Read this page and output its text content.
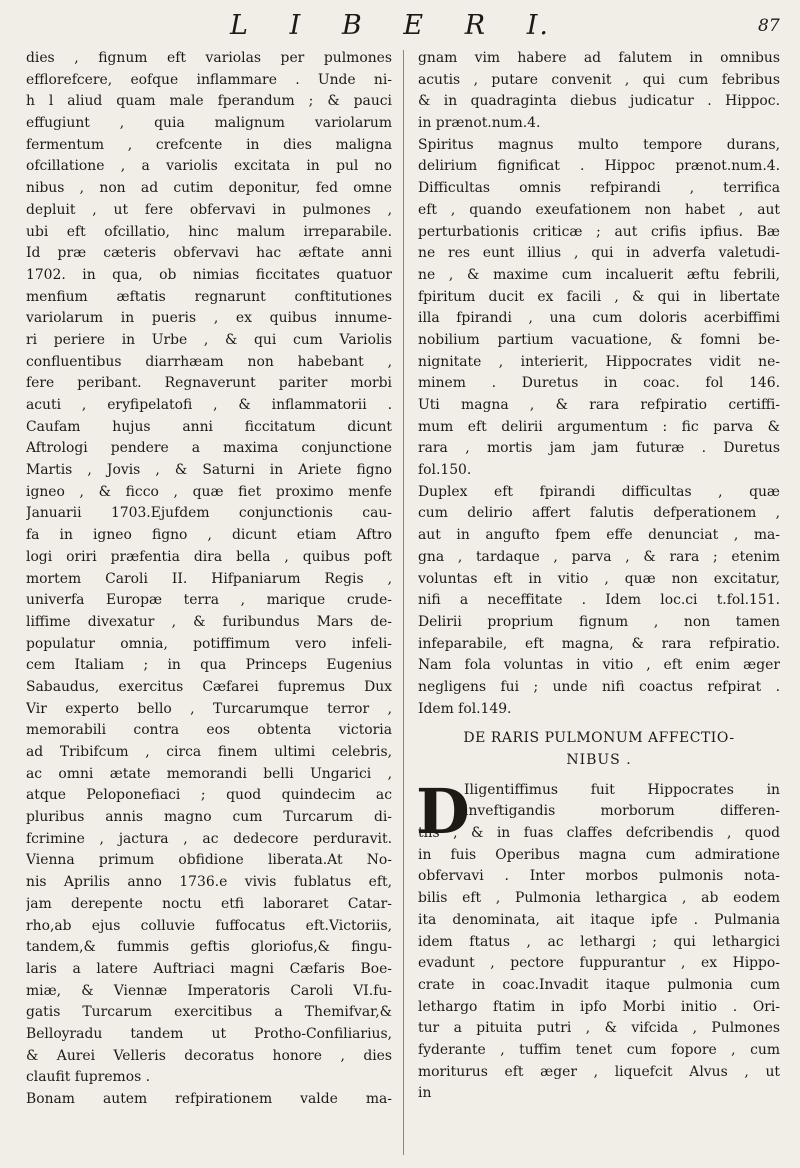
L I B E R I.	87
dies , fignum eft variolas per pulmones
efflorefcere, eofque inflammare . Unde ni-
h l aliud quam male fperandum ; & pauci
effugiunt , quia malignum variolarum
fermentum , crefcente in dies maligna
ofcillatione , a variolis excitata in pul no
nibus , non ad cutim deponitur, fed omne
depluit , ut fere obfervavi in pulmones ,
ubi eft ofcillatio, hinc malum irreparabile.
Id præ cæteris obfervavi hac æftate anni
1702. in qua, ob nimias ficcitates quatuor
menfium æftatis regnarunt conftitutiones
variolarum in pueris , ex quibus innume-
ri periere in Urbe , & qui cum Variolis
confluentibus diarrhæam non habebant ,
fere peribant. Regnaverunt pariter morbi
acuti , eryfipelatofi , & inflammatorii .
Caufam hujus anni ficcitatum dicunt
Aftrologi pendere a maxima conjunctione
Martis , Jovis , & Saturni in Ariete figno
igneo , & ficco , quæ fiet proximo menfe
Januarii 1703.Ejufdem conjunctionis cau-
fa in igneo figno , dicunt etiam Aftro
logi oriri præfentia dira bella , quibus poft
mortem Caroli II. Hifpaniarum Regis ,
univerfa Europæ terra , marique crude-
liffime divexatur , & furibundus Mars de-
populatur omnia, potiffimum vero infeli-
cem Italiam ; in qua Princeps Eugenius
Sabaudus, exercitus Cæfarei fupremus Dux
Vir experto bello , Turcarumque terror ,
memorabili contra eos obtenta victoria
ad Tribifcum , circa finem ultimi celebris,
ac omni ætate memorandi belli Ungarici ,
atque Peloponefiaci ; quod quindecim ac
pluribus annis magno cum Turcarum di-
fcrimine , jactura , ac dedecore perduravit.
Vienna primum obfidione liberata.At No-
nis Aprilis anno 1736.e vivis fublatus eft,
jam derepente noctu etfi laboraret Catar-
rho,ab ejus colluvie fuffocatus eft.Victoriis,
tandem,& fummis geftis gloriofus,& fingu-
laris a latere Auftriaci magni Cæfaris Boe-
miæ, & Viennæ Imperatoris Caroli VI.fu-
gatis Turcarum exercitibus a Themifvar,&
Belloyradu tandem ut Protho-Confiliarius,
& Aurei Velleris decoratus honore , dies
claufit fupremos .
Bonam autem refpirationem valde ma-
gnam vim habere ad falutem in omnibus
acutis , putare convenit , qui cum febribus
& in quadraginta diebus judicatur . Hippoc.
in prænot.num.4.
Spiritus magnus multo tempore durans,
delirium fignificat . Hippoc prænot.num.4.
Difficultas omnis refpirandi , terrifica
eft , quando exeufationem non habet , aut
perturbationis criticæ ; aut crifis ipfius. Bæ
ne res eunt illius , qui in adverfa valetudi-
ne , & maxime cum incaluerit æftu febrili,
fpiritum ducit ex facili , & qui in libertate
illa fpirandi , una cum doloris acerbiffimi
nobilium partium vacuatione, & fomni be-
nignitate , interierit, Hippocrates vidit ne-
minem . Duretus in coac. fol 146.
Uti magna , & rara refpiratio certiffi-
mum eft delirii argumentum : fic parva &
rara , mortis jam jam futuræ . Duretus
fol.150.
Duplex eft fpirandi difficultas , quæ
cum delirio affert falutis defperationem ,
aut in angufto fpem effe denunciat , ma-
gna , tardaque , parva , & rara ; etenim
voluntas eft in vitio , quæ non excitatur,
nifi a neceffitate . Idem loc.ci t.fol.151.
Delirii proprium fignum , non tamen
infeparabile, eft magna, & rara refpiratio.
Nam fola voluntas in vitio , eft enim æger
negligens fui ; unde nifi coactus refpirat .
Idem fol.149.
DE RARIS PULMONUM AFFECTIO-
NIBUS .
D
Iligentiffimus fuit Hippocrates in
inveftigandis morborum differen-
tiis , & in fuas claffes defcribendis , quod
in fuis Operibus magna cum admiratione
obfervavi . Inter morbos pulmonis nota-
bilis eft , Pulmonia lethargica , ab eodem
ita denominata, ait itaque ipfe . Pulmania
idem ftatus , ac lethargi ; qui lethargici
evadunt , pectore fuppurantur , ex Hippo-
crate in coac.Invadit itaque pulmonia cum
lethargo ftatim in ipfo Morbi initio . Ori-
tur a pituita putri , & vifcida , Pulmones
fyderante , tuffim tenet cum fopore , cum
moriturus eft æger , liquefcit Alvus , ut
in
